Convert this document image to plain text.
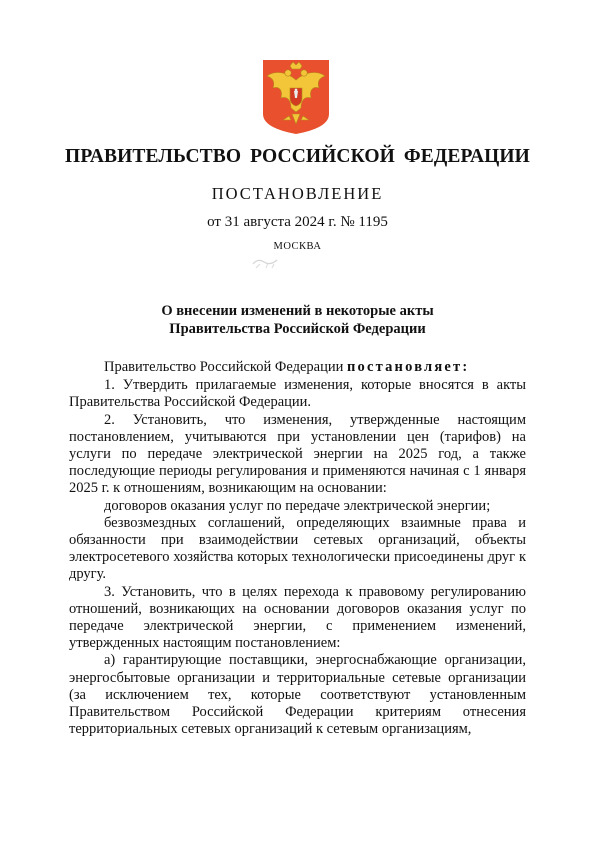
ПРАВИТЕЛЬСТВО РОССИЙСКОЙ ФЕДЕРАЦИИ
ПОСТАНОВЛЕНИЕ
от 31 августа 2024 г. № 1195
МОСКВА
О внесении изменений в некоторые акты
Правительства Российской Федерации

Правительство Российской Федерации постановляет:

1. Утвердить прилагаемые изменения, которые вносятся в акты Правительства Российской Федерации.

2. Установить, что изменения, утвержденные настоящим постановлением, учитываются при установлении цен (тарифов) на услуги по передаче электрической энергии на 2025 год, а также последующие периоды регулирования и применяются начиная с 1 января 2025 г. к отношениям, возникающим на основании:

договоров оказания услуг по передаче электрической энергии;

безвозмездных соглашений, определяющих взаимные права и обязанности при взаимодействии сетевых организаций, объекты электросетевого хозяйства которых технологически присоединены друг к другу.

3. Установить, что в целях перехода к правовому регулированию отношений, возникающих на основании договоров оказания услуг по передаче электрической энергии, с применением изменений, утвержденных настоящим постановлением:

а) гарантирующие поставщики, энергоснабжающие организации, энергосбытовые организации и территориальные сетевые организации (за исключением тех, которые соответствуют установленным Правительством Российской Федерации критериям отнесения территориальных сетевых организаций к сетевым организациям,
